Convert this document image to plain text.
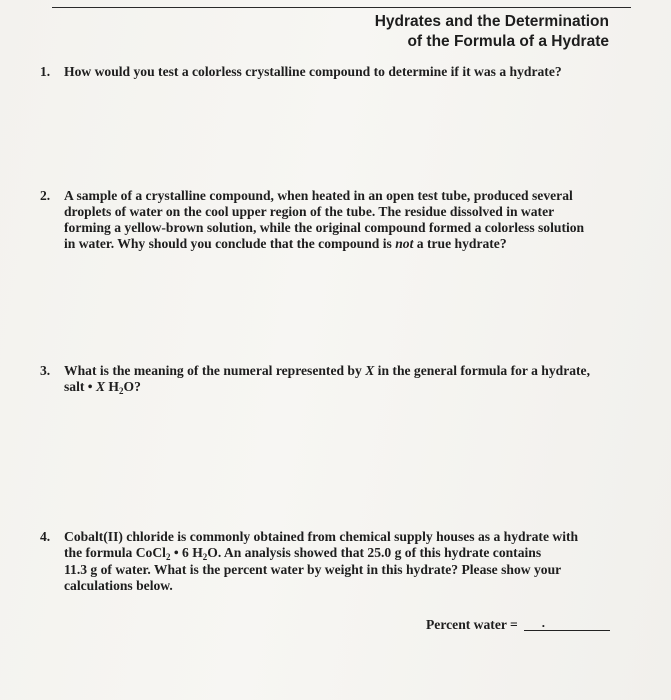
Hydrates and the Determination
of the Formula of a Hydrate
1.	How would you test a colorless crystalline compound to determine if it was a hydrate?
2.	A sample of a crystalline compound, when heated in an open test tube, produced several
droplets of water on the cool upper region of the tube. The residue dissolved in water
forming a yellow-brown solution, while the original compound formed a colorless solution
in water. Why should you conclude that the compound is not a true hydrate?
3.	What is the meaning of the numeral represented by X in the general formula for a hydrate,
salt • X $H_2O$?
4.	Cobalt(II) chloride is commonly obtained from chemical supply houses as a hydrate with
the formula CoCl$_2$ • 6 $H_2O$. An analysis showed that 25.0 g of this hydrate contains
11.3 g of water. What is the percent water by weight in this hydrate? Please show your
calculations below.
Percent water = .
